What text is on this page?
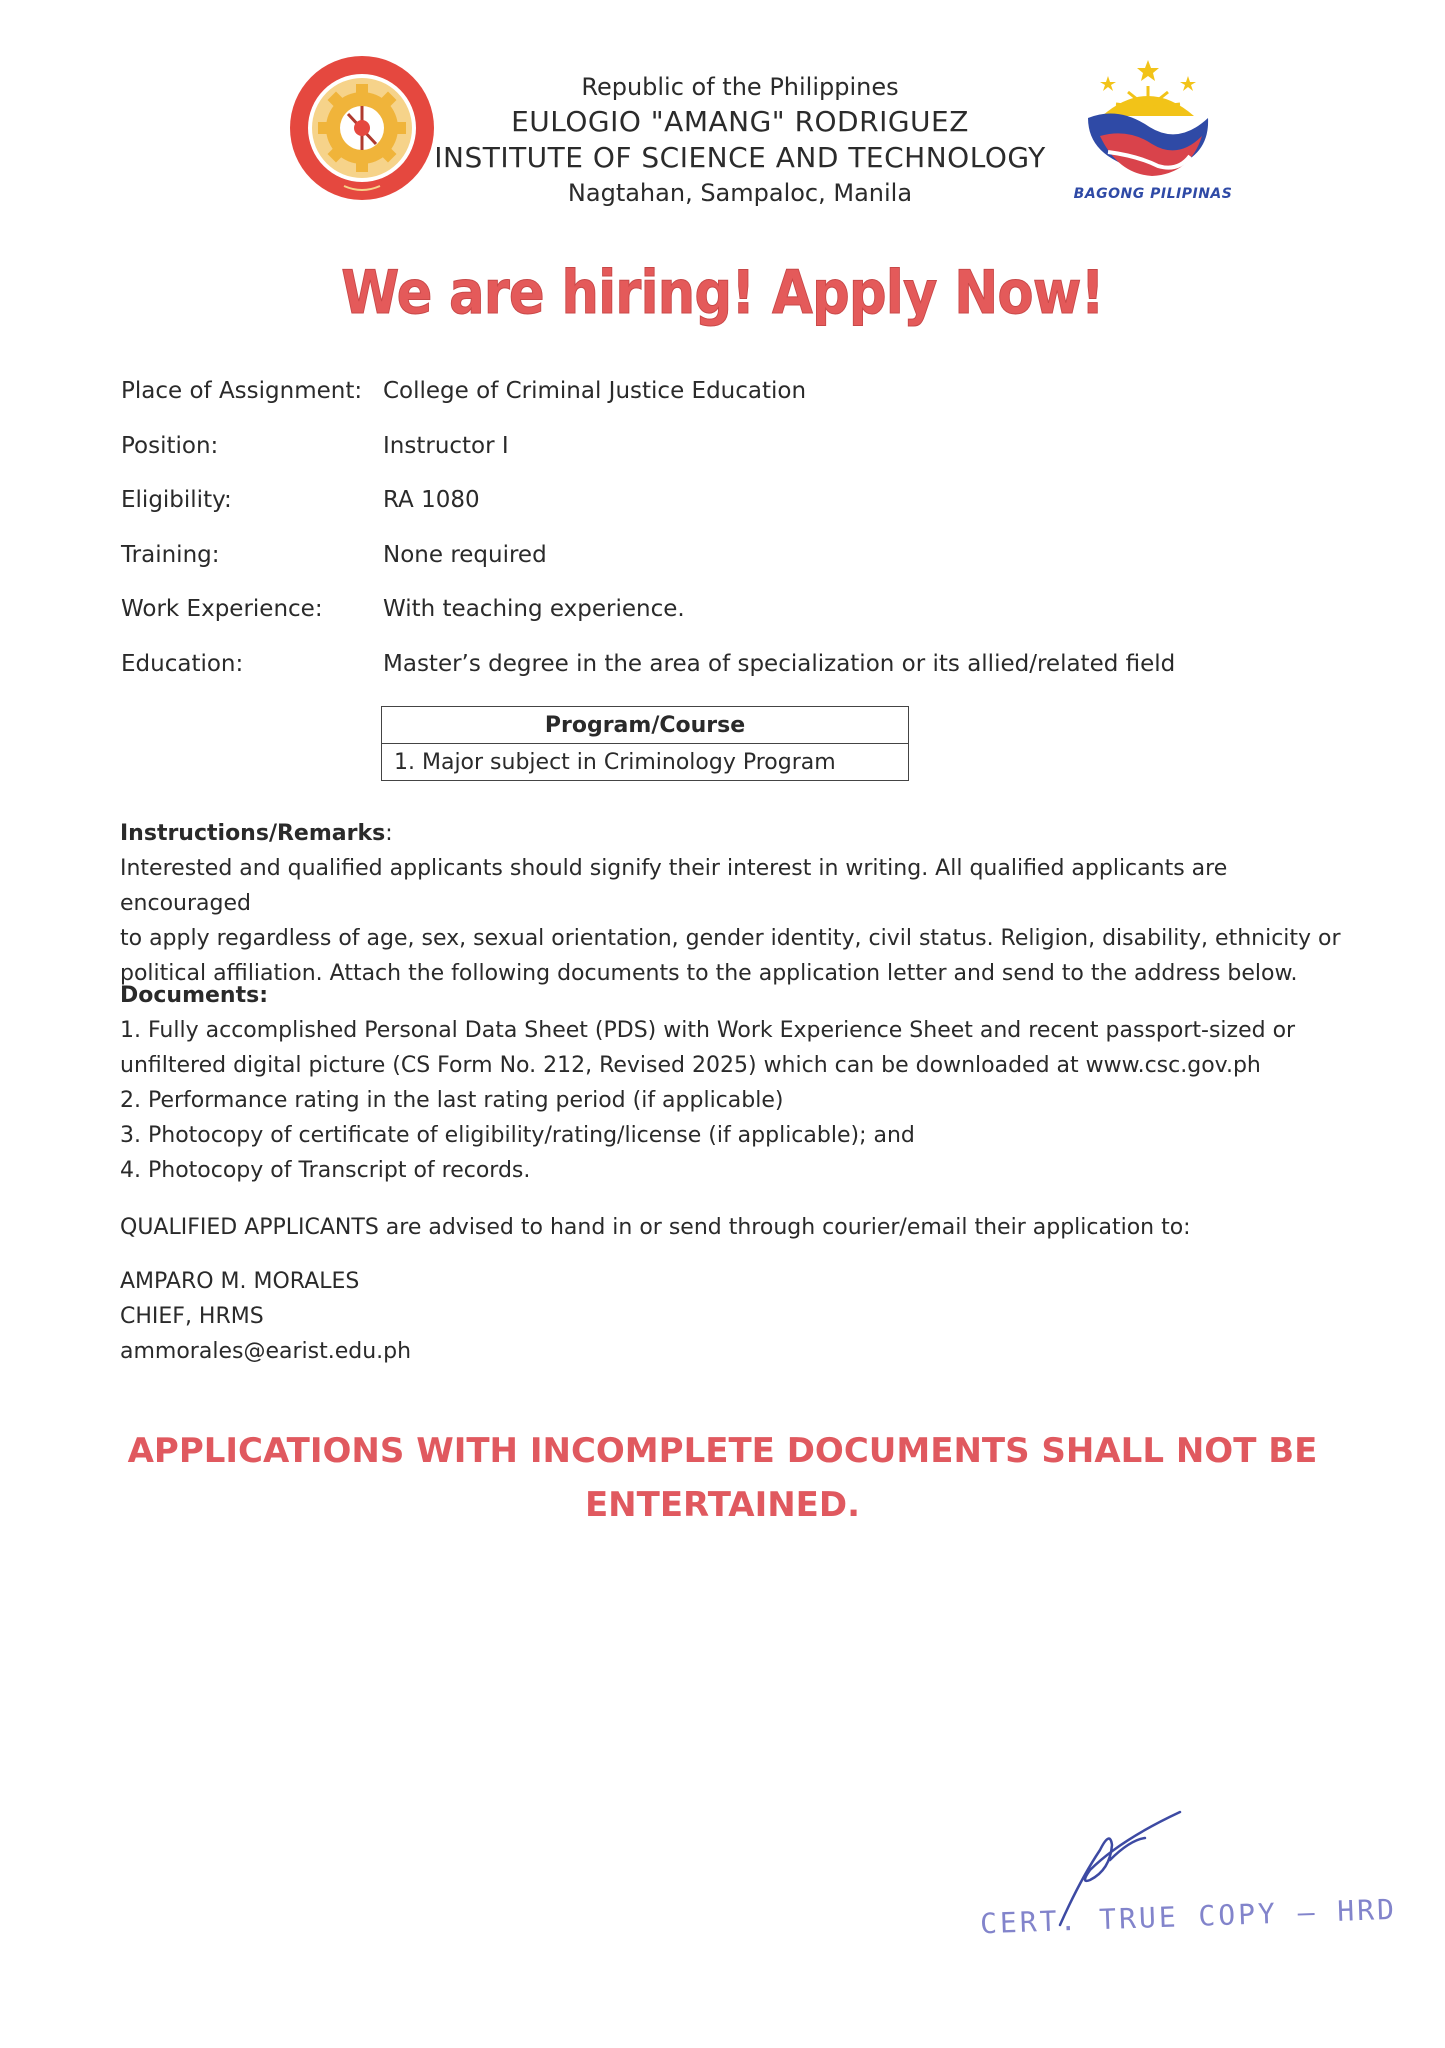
Republic of the Philippines
EULOGIO "AMANG" RODRIGUEZ
INSTITUTE OF SCIENCE AND TECHNOLOGY
Nagtahan, Sampaloc, Manila	BAGONG PILIPINAS
We are hiring! Apply Now!
Place of Assignment: College of Criminal Justice Education
Position:	Instructor I
Eligibility:	RA 1080
Training:	None required
Work Experience:	With teaching experience.
Education:	Master’s degree in the area of specialization or its allied/related field
Program/Course
1. Major subject in Criminology Program

Instructions/Remarks:

Interested and qualified applicants should signify their interest in writing. All qualified applicants are encouraged

to apply regardless of age, sex, sexual orientation, gender identity, civil status. Religion, disability, ethnicity or

political affiliation. Attach the following documents to the application letter and send to the address below.

Documents:

1. Fully accomplished Personal Data Sheet (PDS) with Work Experience Sheet and recent passport-sized or

unfiltered digital picture (CS Form No. 212, Revised 2025) which can be downloaded at www.csc.gov.ph

2. Performance rating in the last rating period (if applicable)

3. Photocopy of certificate of eligibility/rating/license (if applicable); and

4. Photocopy of Transcript of records.

QUALIFIED APPLICANTS are advised to hand in or send through courier/email their application to:

AMPARO M. MORALES

CHIEF, HRMS

ammorales@earist.edu.ph

APPLICATIONS WITH INCOMPLETE DOCUMENTS SHALL NOT BE
ENTERTAINED.
CERT. TRUE COPY – HRD
